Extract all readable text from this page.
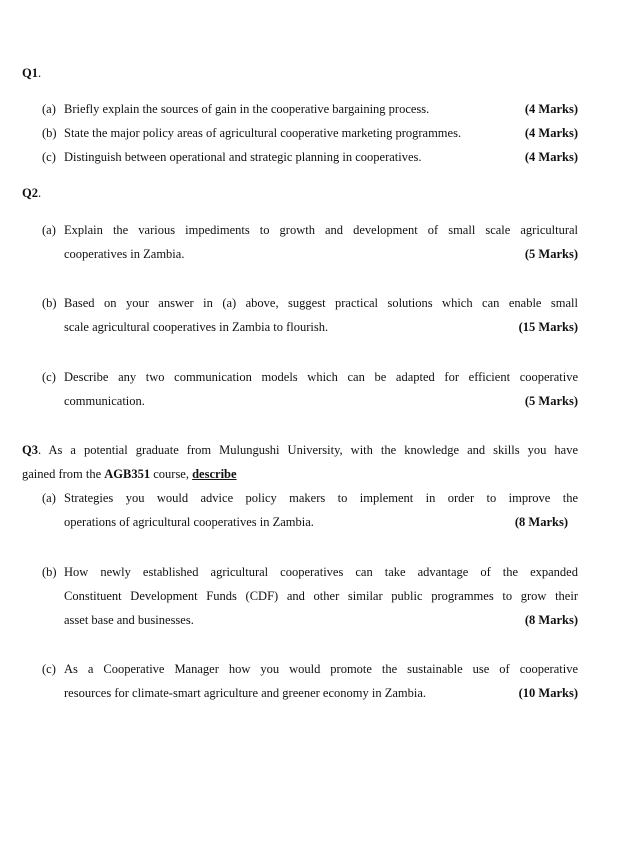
Q1.
(a) Briefly explain the sources of gain in the cooperative bargaining process.	(4 Marks)
(b) State the major policy areas of agricultural cooperative marketing programmes.	(4 Marks)
(c) Distinguish between operational and strategic planning in cooperatives.	(4 Marks)
Q2.
(a) Explain the various impediments to growth and development of small scale agricultural
cooperatives in Zambia.	(5 Marks)
(b) Based on your answer in (a) above, suggest practical solutions which can enable small
scale agricultural cooperatives in Zambia to flourish.	(15 Marks)
(c) Describe any two communication models which can be adapted for efficient cooperative
communication.	(5 Marks)
Q3. As a potential graduate from Mulungushi University, with the knowledge and skills you have
gained from the AGB351 course, describe
(a) Strategies you would advice policy makers to implement in order to improve the
operations of agricultural cooperatives in Zambia.	(8 Marks)
(b) How newly established agricultural cooperatives can take advantage of the expanded
Constituent Development Funds (CDF) and other similar public programmes to grow their
asset base and businesses.	(8 Marks)
(c) As a Cooperative Manager how you would promote the sustainable use of cooperative
resources for climate-smart agriculture and greener economy in Zambia.	(10 Marks)
